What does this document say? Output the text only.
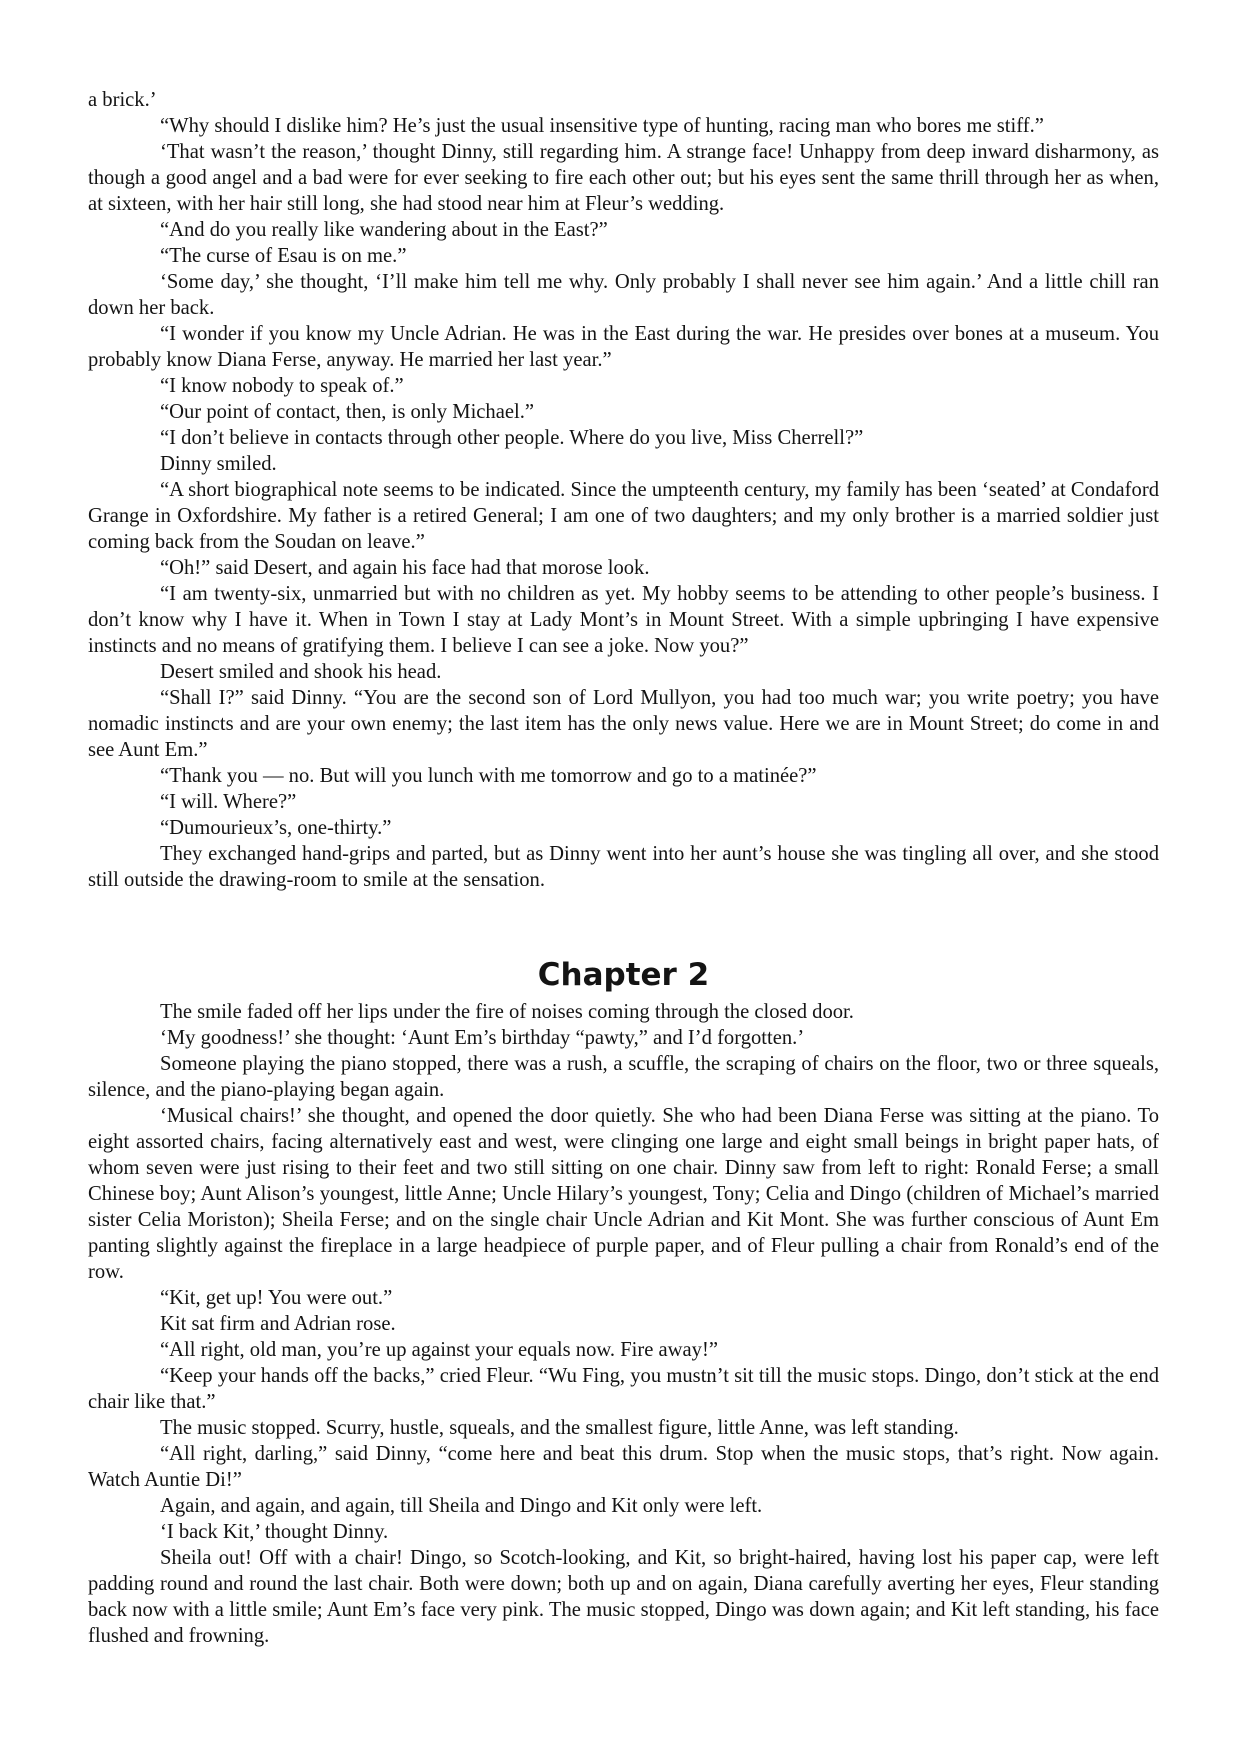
a brick.’

“Why should I dislike him? He’s just the usual insensitive type of hunting, racing man who bores me stiff.”

‘That wasn’t the reason,’ thought Dinny, still regarding him. A strange face! Unhappy from deep inward disharmony, as though a good angel and a bad were for ever seeking to fire each other out; but his eyes sent the same thrill through her as when, at sixteen, with her hair still long, she had stood near him at Fleur’s wedding.

“And do you really like wandering about in the East?”

“The curse of Esau is on me.”

‘Some day,’ she thought, ‘I’ll make him tell me why. Only probably I shall never see him again.’ And a little chill ran down her back.

“I wonder if you know my Uncle Adrian. He was in the East during the war. He presides over bones at a museum. You probably know Diana Ferse, anyway. He married her last year.”

“I know nobody to speak of.”

“Our point of contact, then, is only Michael.”

“I don’t believe in contacts through other people. Where do you live, Miss Cherrell?”

Dinny smiled.

“A short biographical note seems to be indicated. Since the umpteenth century, my family has been ‘seated’ at Condaford Grange in Oxfordshire. My father is a retired General; I am one of two daughters; and my only brother is a married soldier just coming back from the Soudan on leave.”

“Oh!” said Desert, and again his face had that morose look.

“I am twenty-six, unmarried but with no children as yet. My hobby seems to be attending to other people’s business. I don’t know why I have it. When in Town I stay at Lady Mont’s in Mount Street. With a simple upbringing I have expensive instincts and no means of gratifying them. I believe I can see a joke. Now you?”

Desert smiled and shook his head.

“Shall I?” said Dinny. “You are the second son of Lord Mullyon, you had too much war; you write poetry; you have nomadic instincts and are your own enemy; the last item has the only news value. Here we are in Mount Street; do come in and see Aunt Em.”

“Thank you — no. But will you lunch with me tomorrow and go to a matinée?”

“I will. Where?”

“Dumourieux’s, one-thirty.”

They exchanged hand-grips and parted, but as Dinny went into her aunt’s house she was tingling all over, and she stood still outside the drawing-room to smile at the sensation.

Chapter 2

The smile faded off her lips under the fire of noises coming through the closed door.

‘My goodness!’ she thought: ‘Aunt Em’s birthday “pawty,” and I’d forgotten.’

Someone playing the piano stopped, there was a rush, a scuffle, the scraping of chairs on the floor, two or three squeals, silence, and the piano-playing began again.

‘Musical chairs!’ she thought, and opened the door quietly. She who had been Diana Ferse was sitting at the piano. To eight assorted chairs, facing alternatively east and west, were clinging one large and eight small beings in bright paper hats, of whom seven were just rising to their feet and two still sitting on one chair. Dinny saw from left to right: Ronald Ferse; a small Chinese boy; Aunt Alison’s youngest, little Anne; Uncle Hilary’s youngest, Tony; Celia and Dingo (children of Michael’s married sister Celia Moriston); Sheila Ferse; and on the single chair Uncle Adrian and Kit Mont. She was further conscious of Aunt Em panting slightly against the fireplace in a large headpiece of purple paper, and of Fleur pulling a chair from Ronald’s end of the row.

“Kit, get up! You were out.”

Kit sat firm and Adrian rose.

“All right, old man, you’re up against your equals now. Fire away!”

“Keep your hands off the backs,” cried Fleur. “Wu Fing, you mustn’t sit till the music stops. Dingo, don’t stick at the end chair like that.”

The music stopped. Scurry, hustle, squeals, and the smallest figure, little Anne, was left standing.

“All right, darling,” said Dinny, “come here and beat this drum. Stop when the music stops, that’s right. Now again. Watch Auntie Di!”

Again, and again, and again, till Sheila and Dingo and Kit only were left.

‘I back Kit,’ thought Dinny.

Sheila out! Off with a chair! Dingo, so Scotch-looking, and Kit, so bright-haired, having lost his paper cap, were left padding round and round the last chair. Both were down; both up and on again, Diana carefully averting her eyes, Fleur standing back now with a little smile; Aunt Em’s face very pink. The music stopped, Dingo was down again; and Kit left standing, his face flushed and frowning.
